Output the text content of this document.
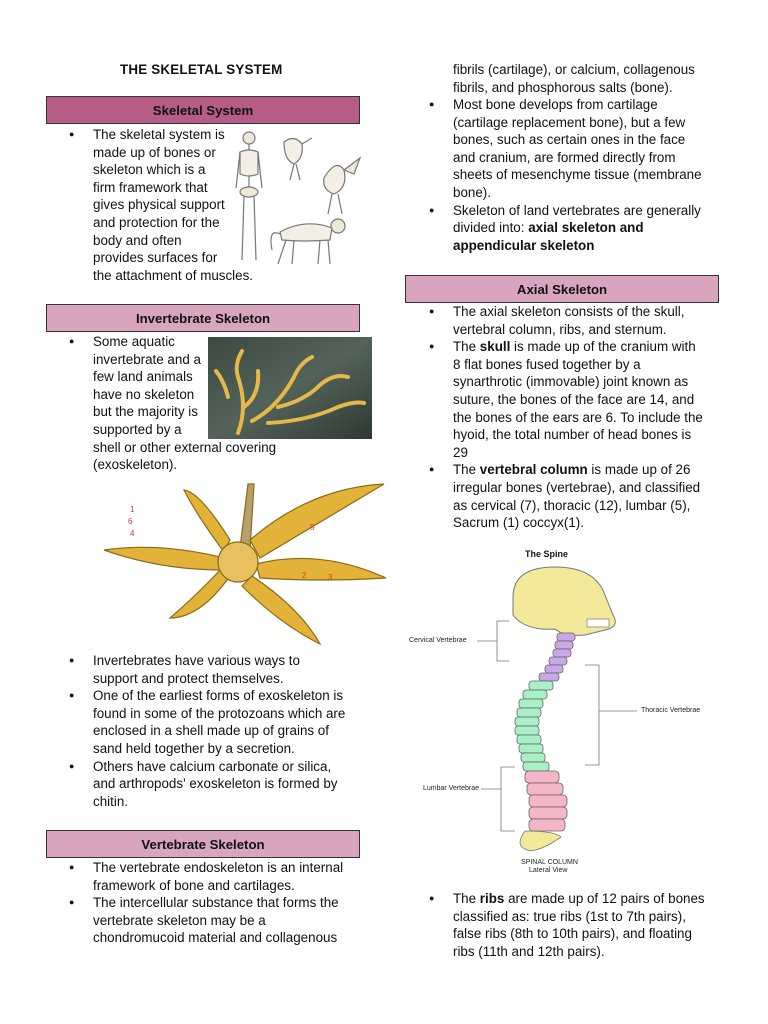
THE SKELETAL SYSTEM
Skeletal System
● The skeletal system is
made up of bones or
skeleton which is a
firm framework that
gives physical support
and protection for the
body and often
provides surfaces for
the attachment of muscles.
Invertebrate Skeleton
● Some aquatic
invertebrate and a
few land animals
have no skeleton
but the majority is
supported by a
shell or other external covering
(exoskeleton).
1
6
4
5
2	3
● Invertebrates have various ways to
support and protect themselves.
● One of the earliest forms of exoskeleton is
found in some of the protozoans which are
enclosed in a shell made up of grains of
sand held together by a secretion.
● Others have calcium carbonate or silica,
and arthropods' exoskeleton is formed by
chitin.
Vertebrate Skeleton
● The vertebrate endoskeleton is an internal
framework of bone and cartilages.
● The intercellular substance that forms the
vertebrate skeleton may be a
chondromucoid material and collagenous
fibrils (cartilage), or calcium, collagenous
fibrils, and phosphorous salts (bone).
● Most bone develops from cartilage
(cartilage replacement bone), but a few
bones, such as certain ones in the face
and cranium, are formed directly from
sheets of mesenchyme tissue (membrane
bone).
● Skeleton of land vertebrates are generally
divided into: axial skeleton and
appendicular skeleton
Axial Skeleton
● The axial skeleton consists of the skull,
vertebral column, ribs, and sternum.
● The skull is made up of the cranium with
8 flat bones fused together by a
synarthrotic (immovable) joint known as
suture, the bones of the face are 14, and
the bones of the ears are 6. To include the
hyoid, the total number of head bones is
29
● The vertebral column is made up of 26
irregular bones (vertebrae), and classified
as cervical (7), thoracic (12), lumbar (5),
Sacrum (1) coccyx(1).
The Spine
Cervical Vertebrae
Thoracic Vertebrae
Lumbar Vertebrae
SPINAL COLUMN
Lateral View
● The ribs are made up of 12 pairs of bones
classified as: true ribs (1st to 7th pairs),
false ribs (8th to 10th pairs), and floating
ribs (11th and 12th pairs).
